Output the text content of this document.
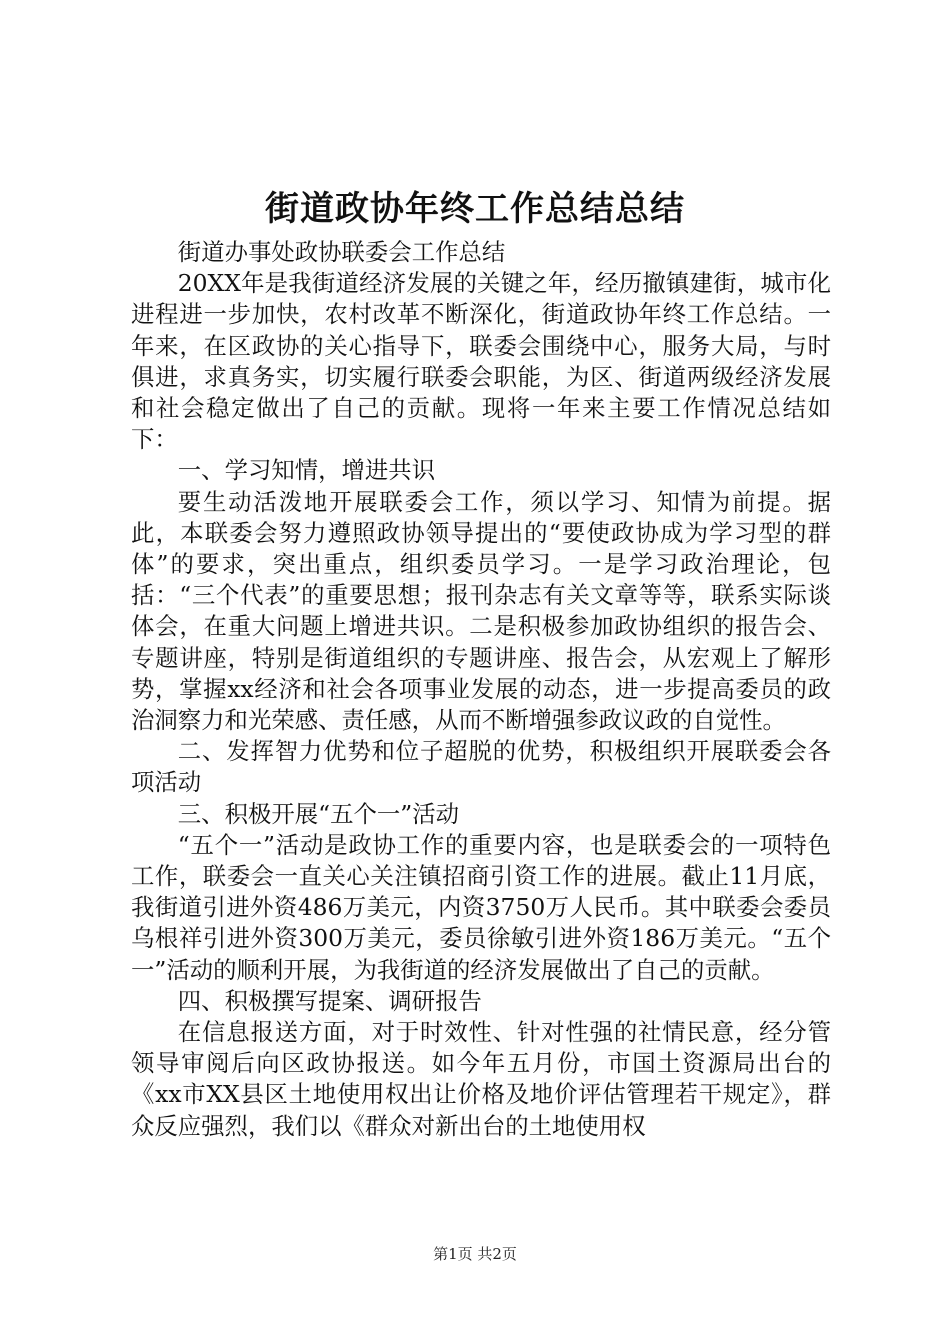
街道政协年终工作总结总结

街道办事处政协联委会工作总结

20XX年是我街道经济发展的关键之年，经历撤镇建街，城市化进程进一步加快，农村改革不断深化，街道政协年终工作总结。一年来，在区政协的关心指导下，联委会围绕中心，服务大局，与时俱进，求真务实，切实履行联委会职能，为区、街道两级经济发展和社会稳定做出了自己的贡献。现将一年来主要工作情况总结如下：

一、学习知情，增进共识

要生动活泼地开展联委会工作，须以学习、知情为前提。据此，本联委会努力遵照政协领导提出的“要使政协成为学习型的群体”的要求，突出重点，组织委员学习。一是学习政治理论，包括：“三个代表”的重要思想；报刊杂志有关文章等等，联系实际谈体会，在重大问题上增进共识。二是积极参加政协组织的报告会、专题讲座，特别是街道组织的专题讲座、报告会，从宏观上了解形势，掌握xx经济和社会各项事业发展的动态，进一步提高委员的政治洞察力和光荣感、责任感，从而不断增强参政议政的自觉性。

二、发挥智力优势和位子超脱的优势，积极组织开展联委会各项活动

三、积极开展“五个一”活动

“五个一”活动是政协工作的重要内容，也是联委会的一项特色工作，联委会一直关心关注镇招商引资工作的进展。截止11月底，我街道引进外资486万美元，内资3750万人民币。其中联委会委员乌根祥引进外资300万美元，委员徐敏引进外资186万美元。“五个一”活动的顺利开展，为我街道的经济发展做出了自己的贡献。

四、积极撰写提案、调研报告

在信息报送方面，对于时效性、针对性强的社情民意，经分管领导审阅后向区政协报送。如今年五月份，市国土资源局出台的《xx市XX县区土地使用权出让价格及地价评估管理若干规定》，群众反应强烈，我们以《群众对新出台的土地使用权

第1页 共2页
